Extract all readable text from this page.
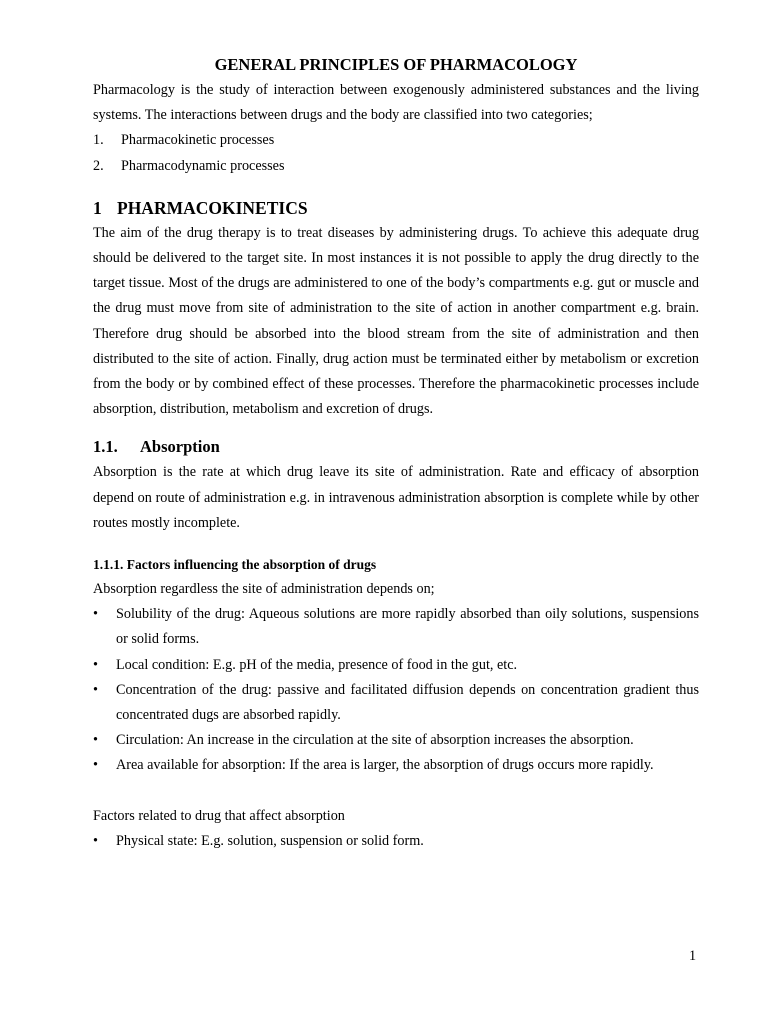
GENERAL PRINCIPLES OF PHARMACOLOGY

Pharmacology is the study of interaction between exogenously administered substances and the living systems. The interactions between drugs and the body are classified into two categories;

1. Pharmacokinetic processes
2. Pharmacodynamic processes

1 PHARMACOKINETICS

The aim of the drug therapy is to treat diseases by administering drugs. To achieve this adequate drug should be delivered to the target site. In most instances it is not possible to apply the drug directly to the target tissue. Most of the drugs are administered to one of the body’s compartments e.g. gut or muscle and the drug must move from site of administration to the site of action in another compartment e.g. brain. Therefore drug should be absorbed into the blood stream from the site of administration and then distributed to the site of action. Finally, drug action must be terminated either by metabolism or excretion from the body or by combined effect of these processes. Therefore the pharmacokinetic processes include absorption, distribution, metabolism and excretion of drugs.

1.1. Absorption

Absorption is the rate at which drug leave its site of administration. Rate and efficacy of absorption depend on route of administration e.g. in intravenous administration absorption is complete while by other routes mostly incomplete.

1.1.1. Factors influencing the absorption of drugs

Absorption regardless the site of administration depends on;

• Solubility of the drug: Aqueous solutions are more rapidly absorbed than oily solutions, suspensions or solid forms.
• Local condition: E.g. pH of the media, presence of food in the gut, etc.
• Concentration of the drug: passive and facilitated diffusion depends on concentration gradient thus concentrated dugs are absorbed rapidly.
• Circulation: An increase in the circulation at the site of absorption increases the absorption.
• Area available for absorption: If the area is larger, the absorption of drugs occurs more rapidly.

Factors related to drug that affect absorption

• Physical state: E.g. solution, suspension or solid form.
1
